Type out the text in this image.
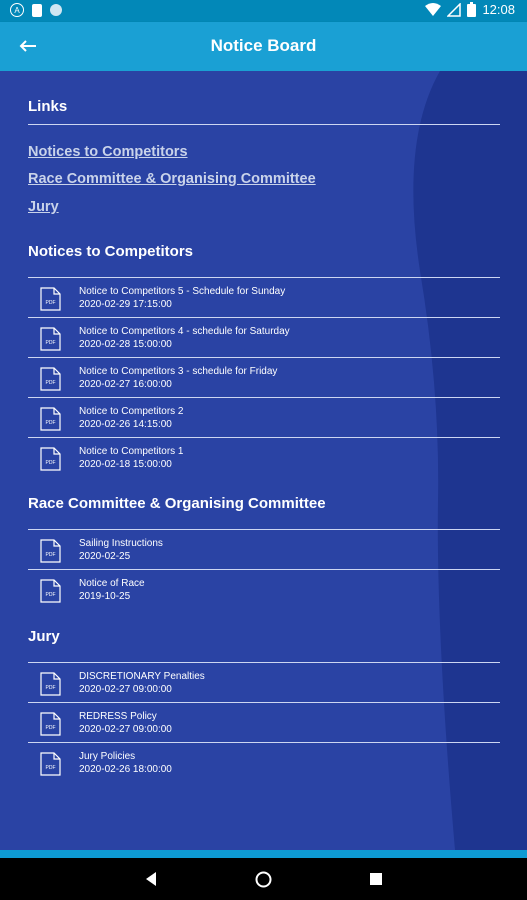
A	12:08
Notice Board
Links
Notices to Competitors
Race Committee & Organising Committee
Jury
Notices to Competitors
PDF
Notice to Competitors 5 - Schedule for Sunday
2020-02-29 17:15:00
PDF
Notice to Competitors 4 - schedule for Saturday
2020-02-28 15:00:00
PDF
Notice to Competitors 3 - schedule for Friday
2020-02-27 16:00:00
PDF
Notice to Competitors 2
2020-02-26 14:15:00
PDF
Notice to Competitors 1
2020-02-18 15:00:00
Race Committee & Organising Committee
PDF
Sailing Instructions
2020-02-25
PDF
Notice of Race
2019-10-25
Jury
PDF
DISCRETIONARY Penalties
2020-02-27 09:00:00
PDF
REDRESS Policy
2020-02-27 09:00:00
PDF
Jury Policies
2020-02-26 18:00:00
